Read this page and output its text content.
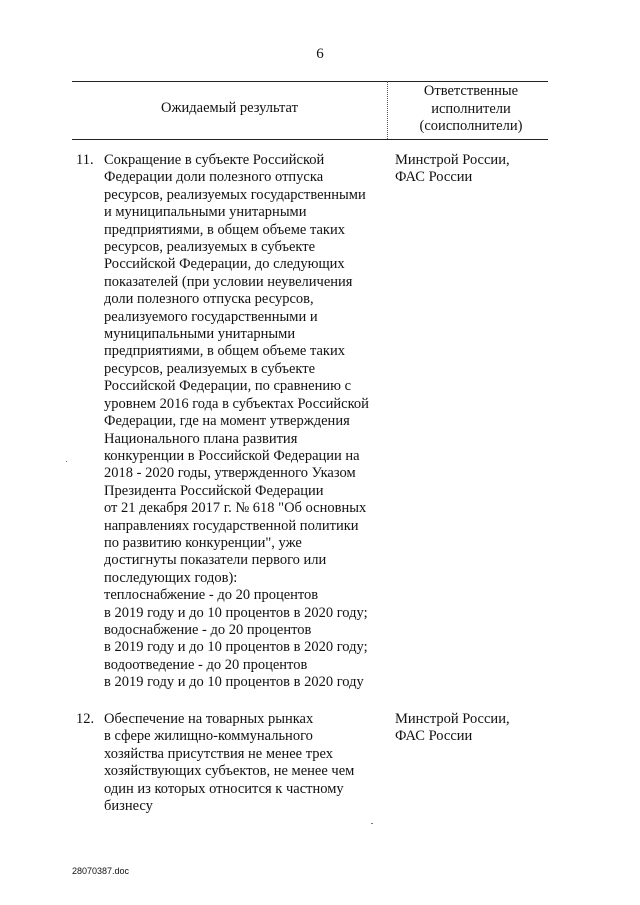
6
Ожидаемый результат
Ответственные
исполнители
(соисполнители)
11. Сокращение в субъекте Российской
Федерации доли полезного отпуска
ресурсов, реализуемых государственными
и муниципальными унитарными
предприятиями, в общем объеме таких
ресурсов, реализуемых в субъекте
Российской Федерации, до следующих
показателей (при условии неувеличения
доли полезного отпуска ресурсов,
реализуемого государственными и
муниципальными унитарными
предприятиями, в общем объеме таких
ресурсов, реализуемых в субъекте
Российской Федерации, по сравнению с
уровнем 2016 года в субъектах Российской
Федерации, где на момент утверждения
Национального плана развития
конкуренции в Российской Федерации на
2018 - 2020 годы, утвержденного Указом
Президента Российской Федерации
от 21 декабря 2017 г. № 618 "Об основных
направлениях государственной политики
по развитию конкуренции", уже
достигнуты показатели первого или
последующих годов):
теплоснабжение - до 20 процентов
в 2019 году и до 10 процентов в 2020 году;
водоснабжение - до 20 процентов
в 2019 году и до 10 процентов в 2020 году;
водоотведение - до 20 процентов
в 2019 году и до 10 процентов в 2020 году
Минстрой России,
ФАС России
12. Обеспечение на товарных рынках
в сфере жилищно-коммунального
хозяйства присутствия не менее трех
хозяйствующих субъектов, не менее чем
один из которых относится к частному
бизнесу
Минстрой России,
ФАС России
28070387.doc
